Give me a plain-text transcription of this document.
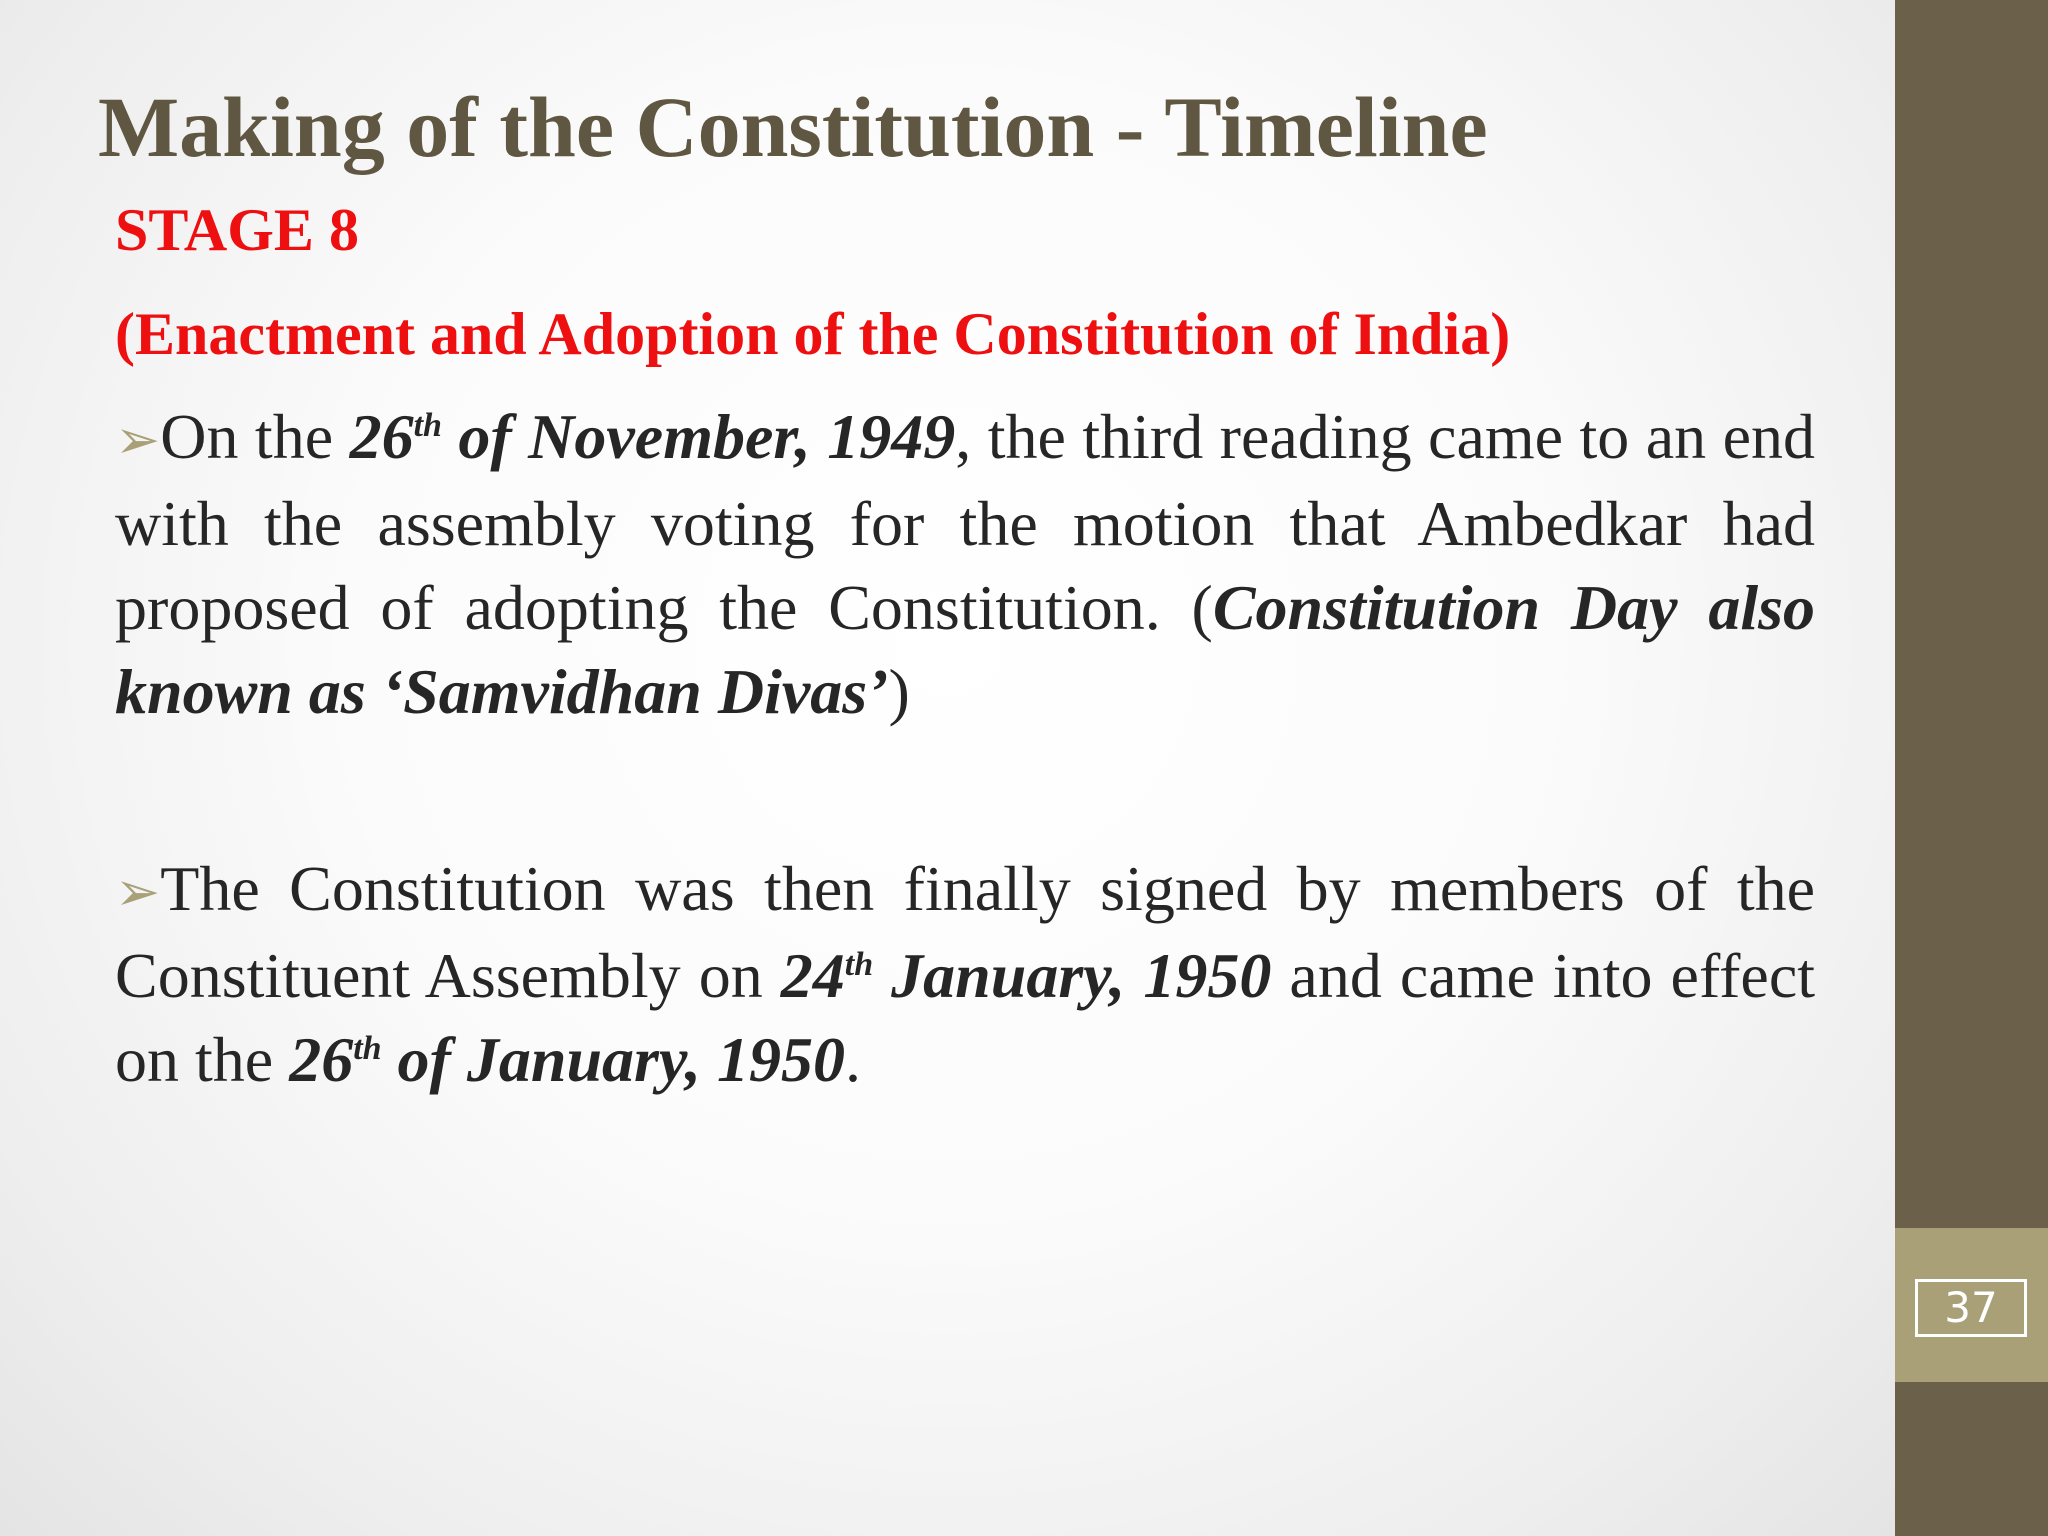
Making of the Constitution - Timeline
STAGE 8
(Enactment and Adoption of the Constitution of India)

➢On the 26th of November, 1949, the third reading came to an end with the assembly voting for the motion that Ambedkar had proposed of adopting the Constitution. (Constitution Day also known as ‘Samvidhan Divas’)

➢The Constitution was then finally signed by members of the Constituent Assembly on 24th January, 1950 and came into effect on the 26th of January, 1950.

37
